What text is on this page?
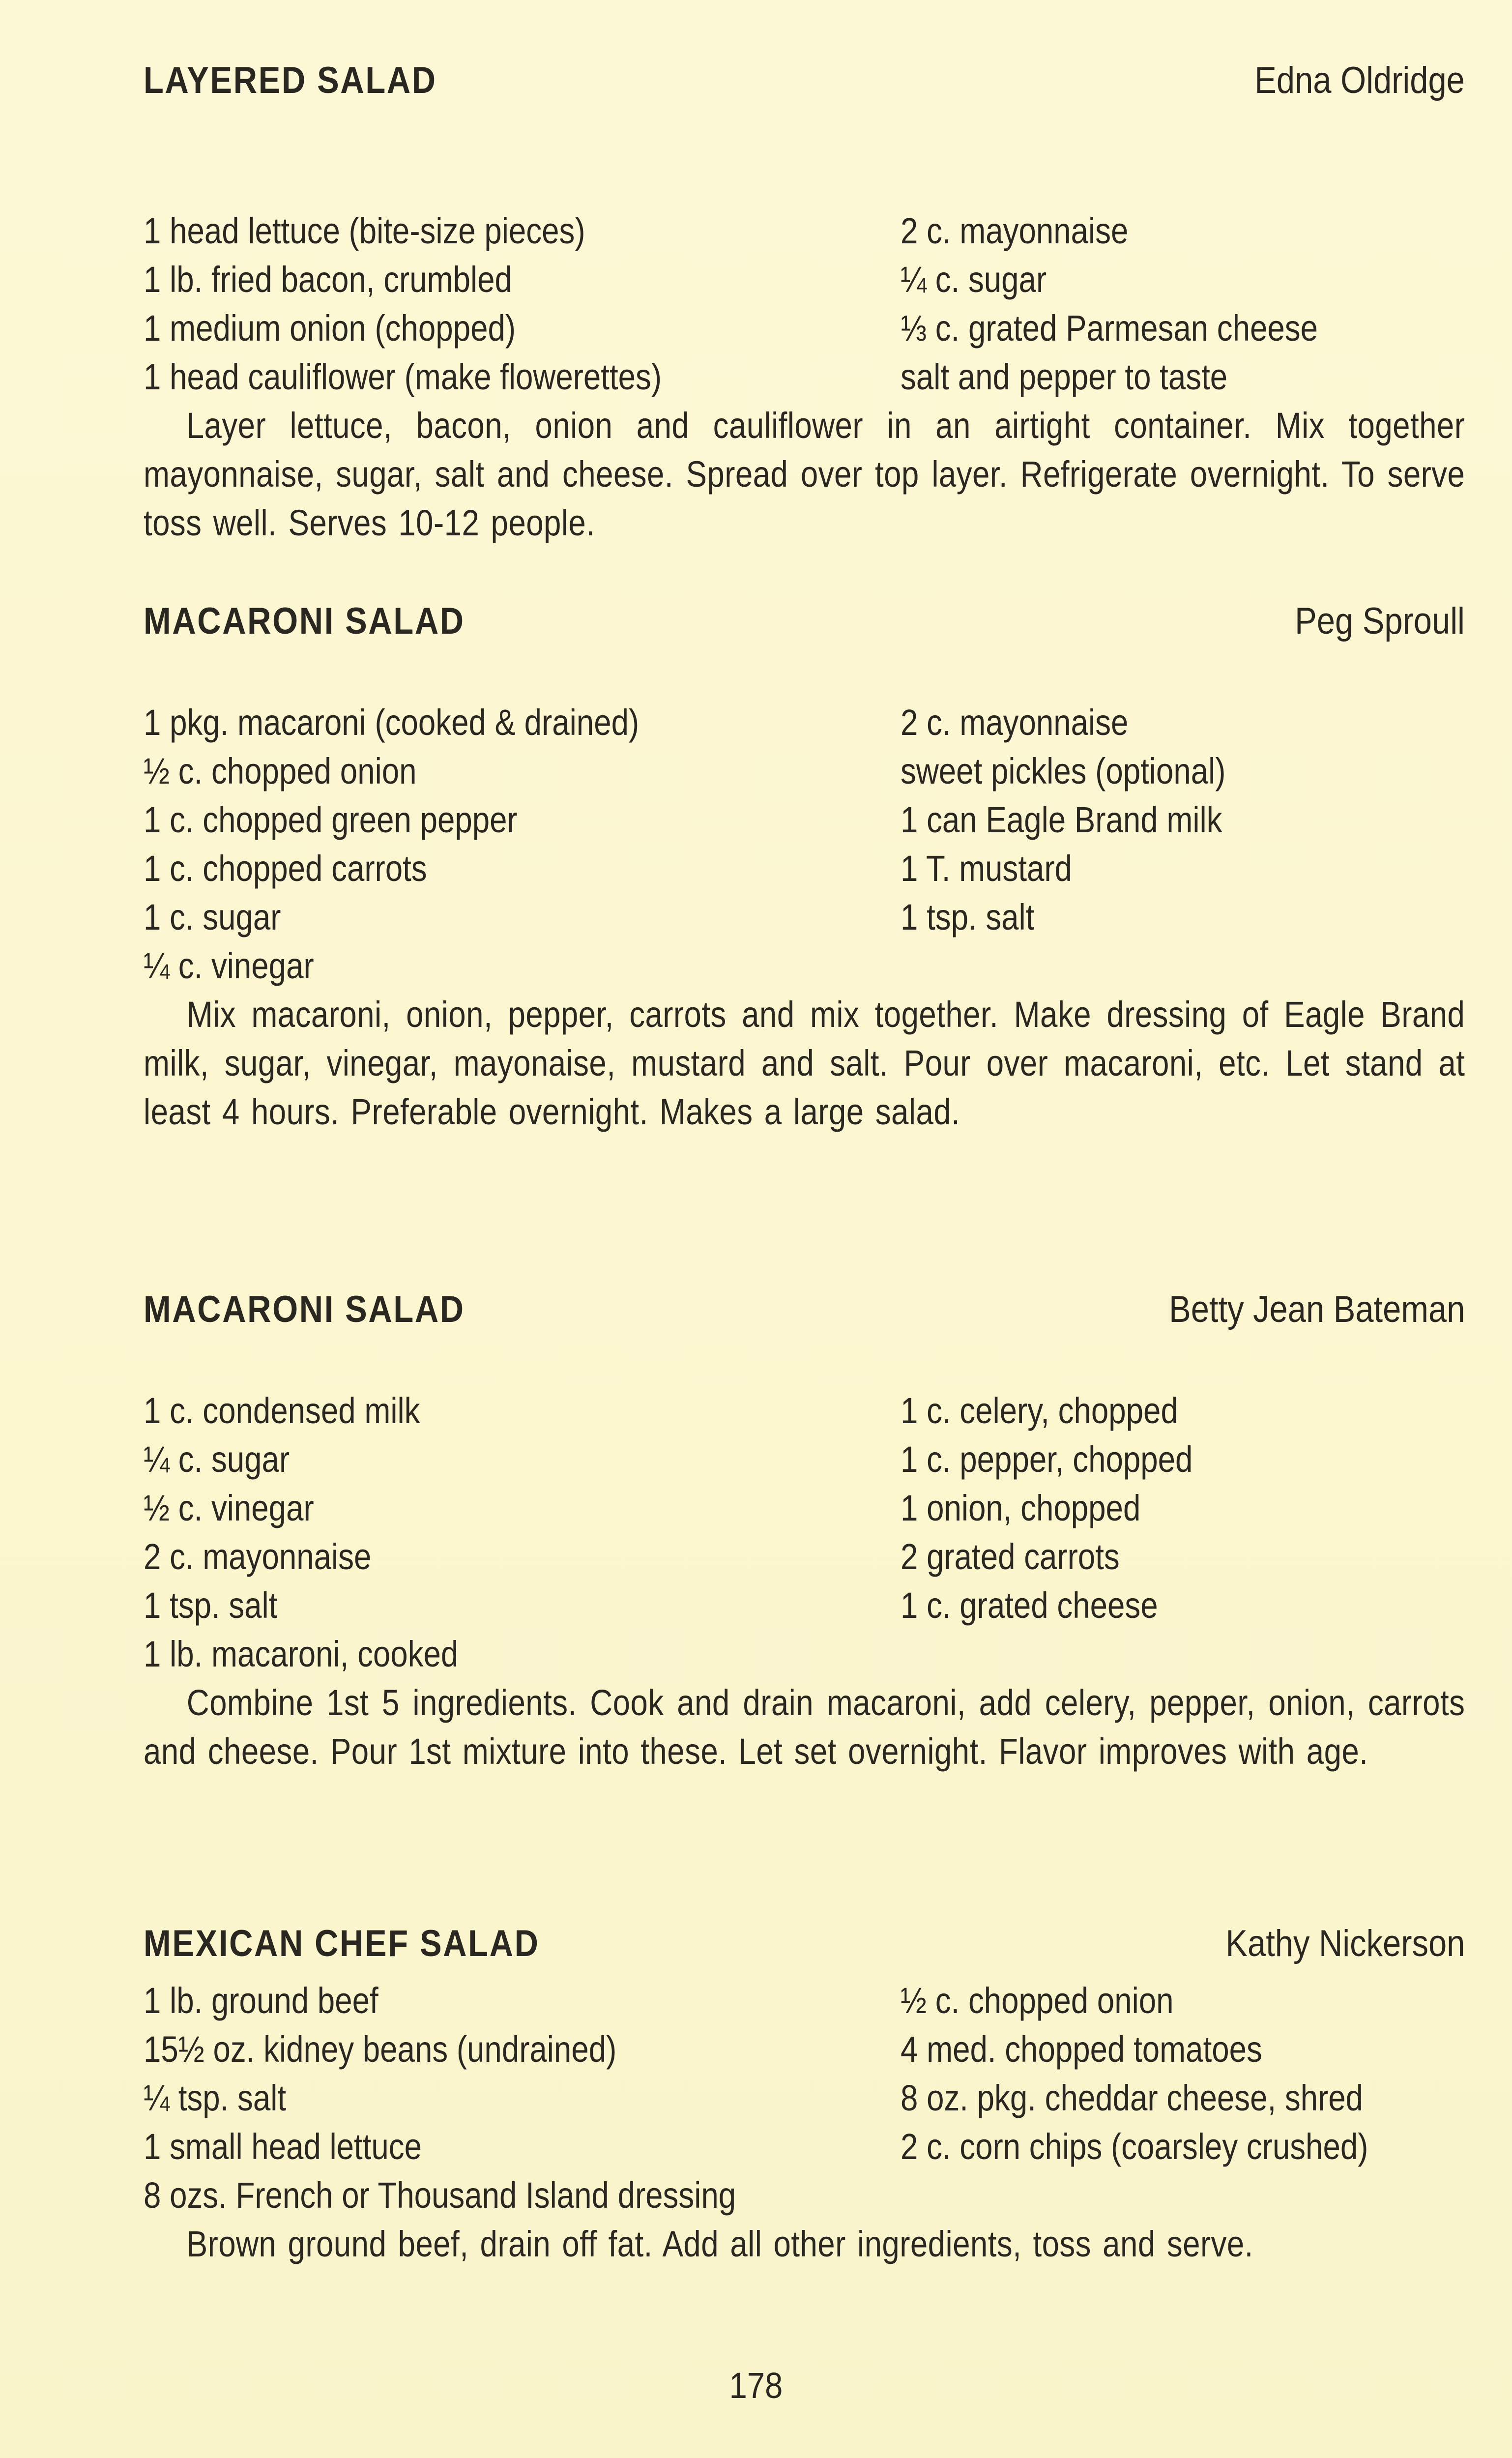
LAYERED SALAD	Edna Oldridge
1 head lettuce (bite-size pieces)	2 c. mayonnaise
1 lb. fried bacon, crumbled	¼ c. sugar
1 medium onion (chopped)	⅓ c. grated Parmesan cheese
1 head cauliflower (make flowerettes)	salt and pepper to taste

Layer lettuce, bacon, onion and cauliflower in an airtight container. Mix together mayonnaise, sugar, salt and cheese. Spread over top layer. Refrigerate overnight. To serve toss well. Serves 10-12 people.

MACARONI SALAD	Peg Sproull
1 pkg. macaroni (cooked & drained)	2 c. mayonnaise
½ c. chopped onion	sweet pickles (optional)
1 c. chopped green pepper	1 can Eagle Brand milk
1 c. chopped carrots	1 T. mustard
1 c. sugar	1 tsp. salt
¼ c. vinegar

Mix macaroni, onion, pepper, carrots and mix together. Make dressing of Eagle Brand milk, sugar, vinegar, mayonaise, mustard and salt. Pour over macaroni, etc. Let stand at least 4 hours. Preferable overnight. Makes a large salad.

MACARONI SALAD	Betty Jean Bateman
1 c. condensed milk	1 c. celery, chopped
¼ c. sugar	1 c. pepper, chopped
½ c. vinegar	1 onion, chopped
2 c. mayonnaise	2 grated carrots
1 tsp. salt	1 c. grated cheese
1 lb. macaroni, cooked

Combine 1st 5 ingredients. Cook and drain macaroni, add celery, pepper, onion, carrots and cheese. Pour 1st mixture into these. Let set overnight. Flavor improves with age.

MEXICAN CHEF SALAD	Kathy Nickerson
1 lb. ground beef	½ c. chopped onion
15½ oz. kidney beans (undrained)	4 med. chopped tomatoes
¼ tsp. salt	8 oz. pkg. cheddar cheese, shred
1 small head lettuce	2 c. corn chips (coarsley crushed)
8 ozs. French or Thousand Island dressing

Brown ground beef, drain off fat. Add all other ingredients, toss and serve.

178
